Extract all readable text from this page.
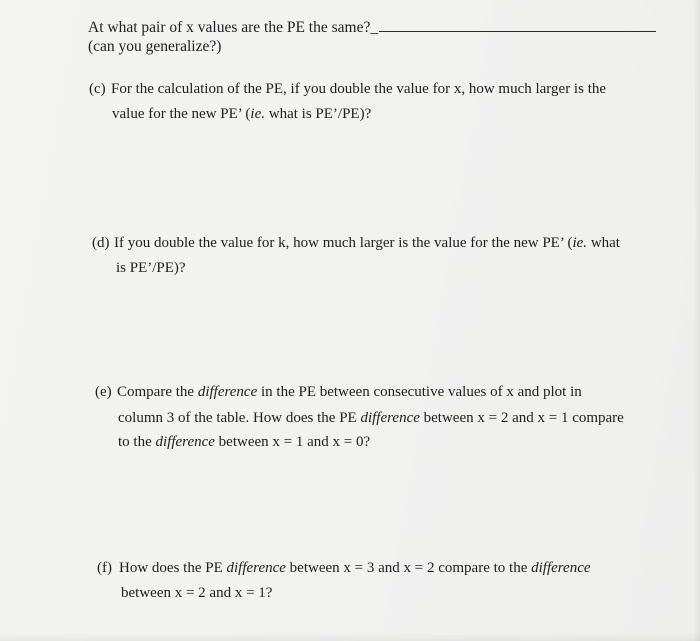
At what pair of x values are the PE the same?_
(can you generalize?)
(c) For the calculation of the PE, if you double the value for x, how much larger is the
value for the new PE’ (ie. what is PE’/PE)?
(d) If you double the value for k, how much larger is the value for the new PE’ (ie. what
is PE’/PE)?
(e) Compare the difference in the PE between consecutive values of x and plot in
column 3 of the table. How does the PE difference between x = 2 and x = 1 compare
to the difference between x = 1 and x = 0?
(f) How does the PE difference between x = 3 and x = 2 compare to the difference
between x = 2 and x = 1?
